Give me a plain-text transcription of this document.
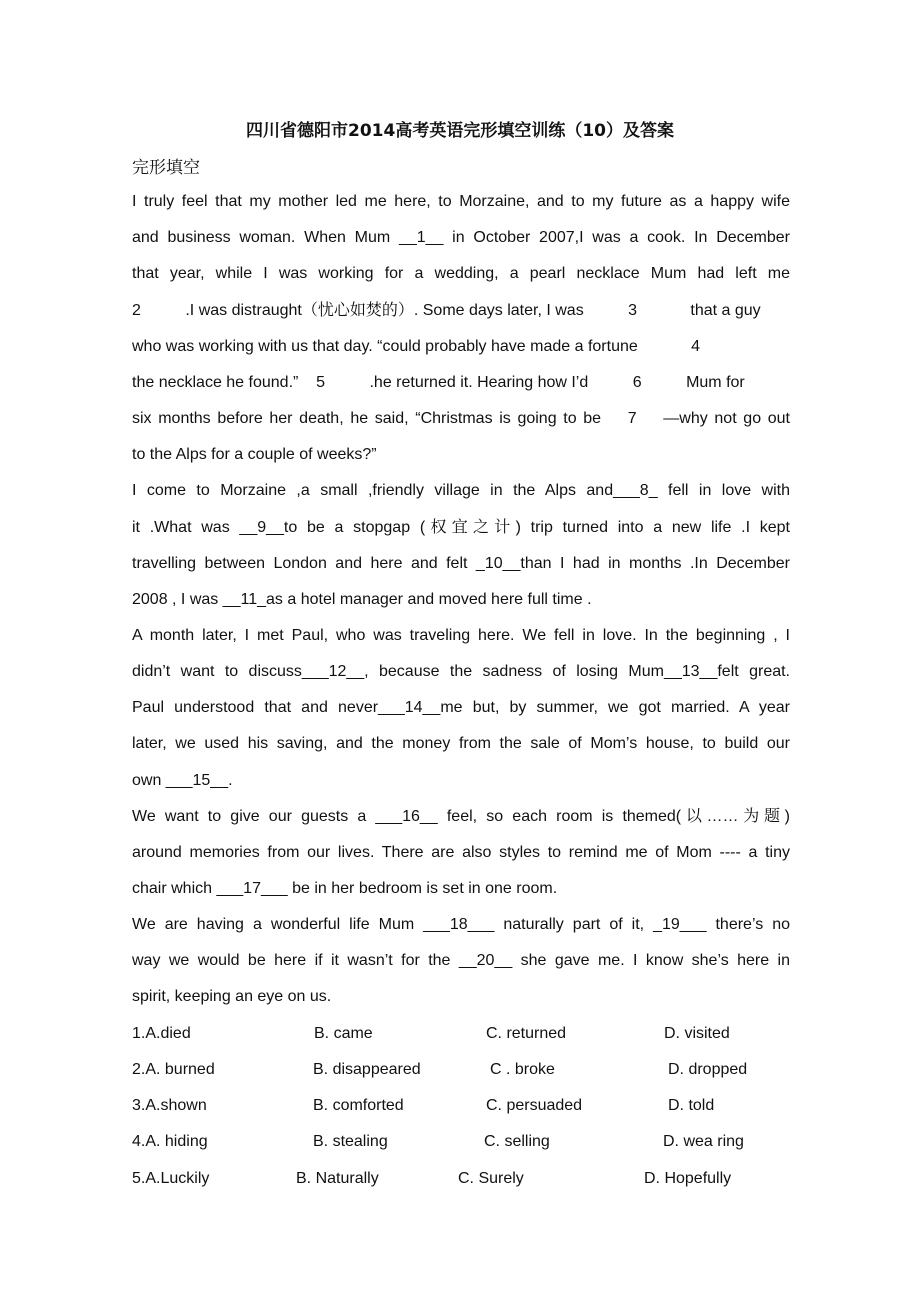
四川省德阳市2014高考英语完形填空训练（10）及答案
完形填空
I truly feel that my mother led me here, to Morzaine, and to my future as a happy wife
and business woman. When Mum __1__ in October 2007,I was a cook. In December
that year, while I was working for a wedding, a pearl necklace Mum had left me
2          .I was distraught（忧心如焚的）. Some days later, I was          3            that a guy
who was working with us that day. “could probably have made a fortune            4
the necklace he found.”    5          .he returned it. Hearing how I’d          6          Mum for
six months before her death, he said, “Christmas is going to be    7    —why not go out
to the Alps for a couple of weeks?”
I come to Morzaine ,a small ,friendly village in the Alps and___8_ fell in love with
it .What was __9__to be a stopgap (权宜之计) trip turned into a new life .I kept
travelling between London and here and felt _10__than I had in months .In December
2008 , I was __11_as a hotel manager and moved here full time .
A month later, I met Paul, who was traveling here. We fell in love. In the beginning , I
didn’t want to discuss___12__, because the sadness of losing Mum__13__felt great.
Paul understood that and never___14__me but, by summer, we got married. A year
later, we used his saving, and the money from the sale of Mom’s house, to build our
own ___15__.
We want to give our guests a ___16__ feel, so each room is themed(以……为题)
around memories from our lives. There are also styles to remind me of Mom ---- a tiny
chair which ___17___ be in her bedroom is set in one room.
We are having a wonderful life Mum ___18___ naturally part of it, _19___ there’s no
way we would be here if it wasn’t for the __20__ she gave me. I know she’s here in
spirit, keeping an eye on us.
1.A.died	B. came	C. returned	D. visited
2.A. burned	B. disappeared	C . broke	D. dropped
3.A.shown	B. comforted	C. persuaded	D. told
4.A. hiding	B. stealing	C. selling	D. wea ring
5.A.Luckily	B. Naturally	C. Surely	D. Hopefully
